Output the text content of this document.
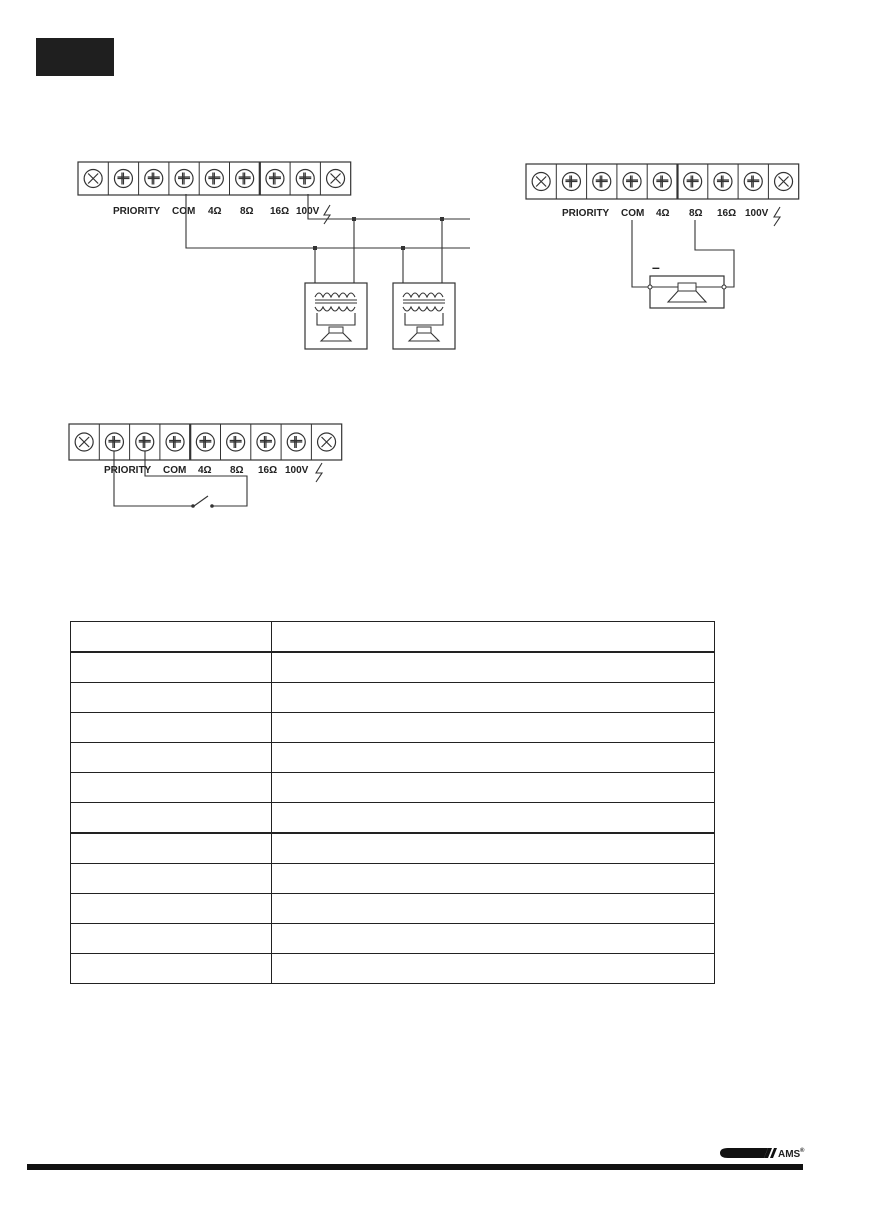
PRIORITY COM 4Ω 8Ω 16Ω 100V	PRIORITY COM 4Ω 8Ω 16Ω 100V
–
PRIORITY COM 4Ω 8Ω 16Ω 100V

AMS ®
